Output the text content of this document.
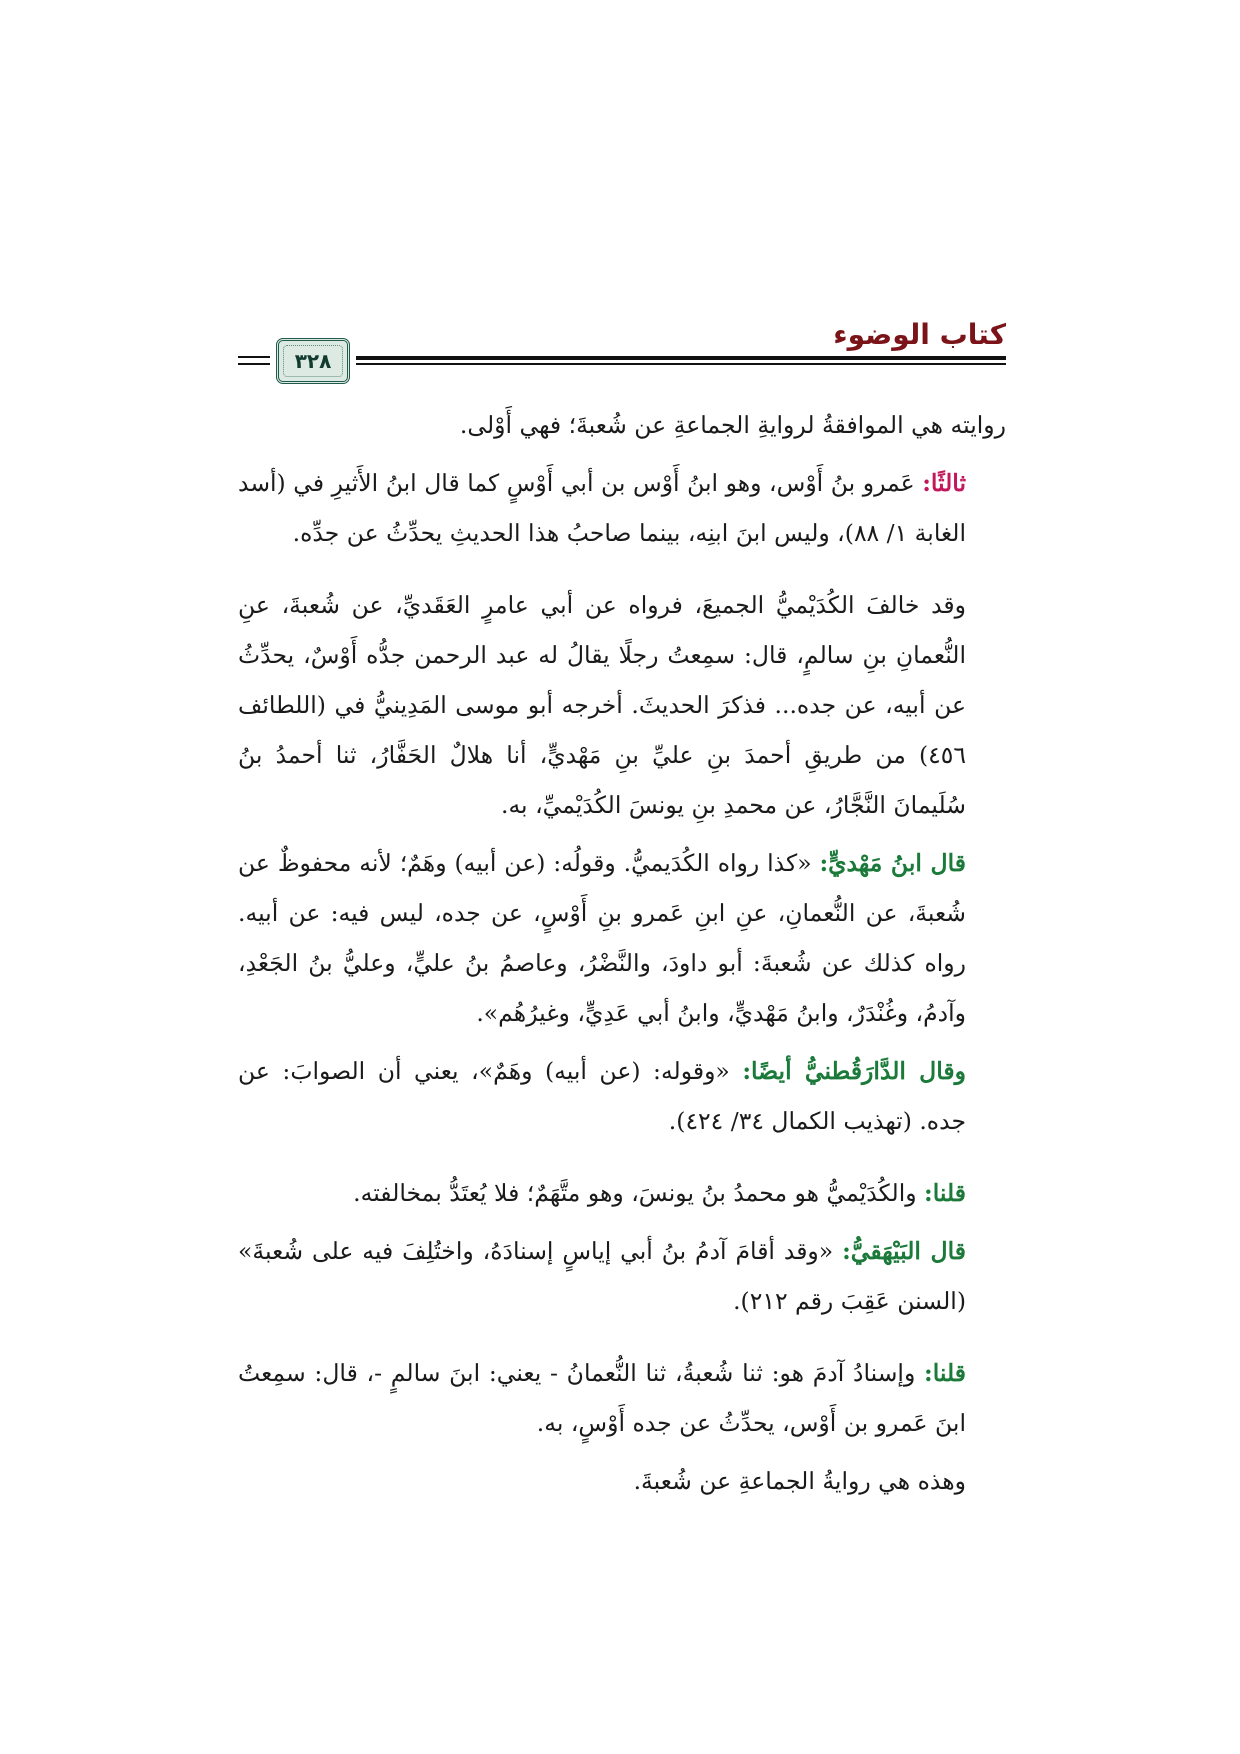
كتاب الوضوء
٣٢٨

روايته هي الموافقةُ لروايةِ الجماعةِ عن شُعبةَ؛ فهي أَوْلى.

ثالثًا: عَمرو بنُ أَوْس، وهو ابنُ أَوْس بن أبي أَوْسٍ كما قال ابنُ الأَثيرِ في (أسد الغابة ١/ ٨٨)، وليس ابنَ ابنِه، بينما صاحبُ هذا الحديثِ يحدِّثُ عن جدِّه.

وقد خالفَ الكُدَيْميُّ الجميعَ، فرواه عن أبي عامرٍ العَقَديِّ، عن شُعبةَ، عنِ النُّعمانِ بنِ سالمٍ، قال: سمِعتُ رجلًا يقالُ له عبد الرحمن جدُّه أَوْسٌ، يحدِّثُ عن أبيه، عن جده... فذكرَ الحديثَ. أخرجه أبو موسى المَدِينيُّ في (اللطائف ٤٥٦) من طريقِ أحمدَ بنِ عليِّ بنِ مَهْديٍّ، أنا هلالٌ الحَفَّارُ، ثنا أحمدُ بنُ سُلَيمانَ النَّجَّارُ، عن محمدِ بنِ يونسَ الكُدَيْميِّ، به.

قال ابنُ مَهْديٍّ: «كذا رواه الكُدَيميُّ. وقولُه: (عن أبيه) وهَمٌ؛ لأنه محفوظٌ عن شُعبةَ، عن النُّعمانِ، عنِ ابنِ عَمرو بنِ أَوْسٍ، عن جده، ليس فيه: عن أبيه. رواه كذلك عن شُعبةَ: أبو داودَ، والنَّضْرُ، وعاصمُ بنُ عليٍّ، وعليُّ بنُ الجَعْدِ، وآدمُ، وغُنْدَرٌ، وابنُ مَهْديٍّ، وابنُ أبي عَدِيٍّ، وغيرُهُم».

وقال الدَّارَقُطنيُّ أيضًا: «وقوله: (عن أبيه) وهَمٌ»، يعني أن الصوابَ: عن جده. (تهذيب الكمال ٣٤/ ٤٢٤).

قلنا: والكُدَيْميُّ هو محمدُ بنُ يونسَ، وهو متَّهَمٌ؛ فلا يُعتَدُّ بمخالفته.

قال البَيْهَقيُّ: «وقد أقامَ آدمُ بنُ أبي إياسٍ إسنادَهُ، واختُلِفَ فيه على شُعبةَ» (السنن عَقِبَ رقم ٢١٢).

قلنا: وإسنادُ آدمَ هو: ثنا شُعبةُ، ثنا النُّعمانُ - يعني: ابنَ سالمٍ -، قال: سمِعتُ ابنَ عَمرو بن أَوْس، يحدِّثُ عن جده أَوْسٍ، به.

وهذه هي روايةُ الجماعةِ عن شُعبةَ.
